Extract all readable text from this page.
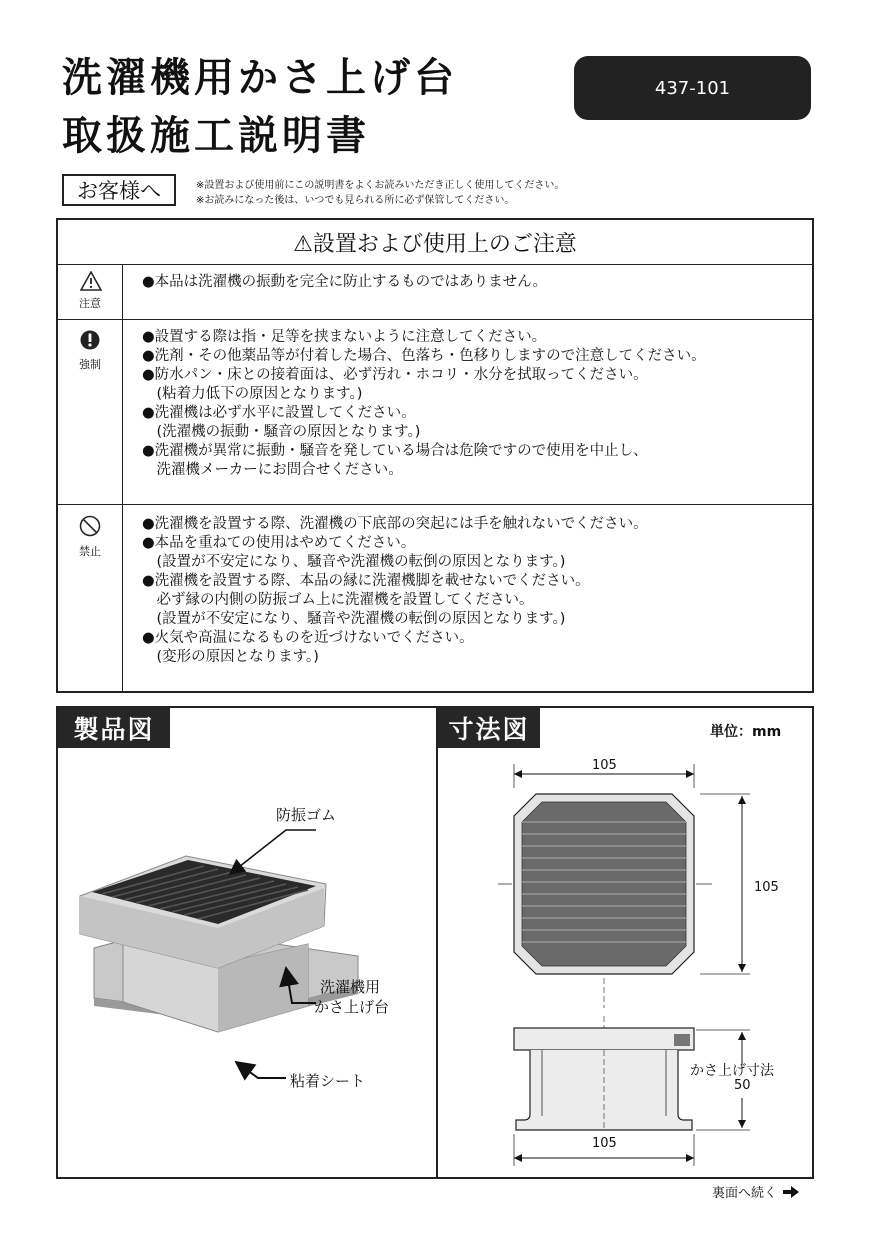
洗濯機用かさ上げ台
取扱施工説明書
437-101
お客様へ	※設置および使用前にこの説明書をよくお読みいただき正しく使用してください。
※お読みになった後は、いつでも見られる所に必ず保管してください。
⚠設置および使用上のご注意
注意
●本品は洗濯機の振動を完全に防止するものではありません。
強制
●設置する際は指・足等を挟まないように注意してください。
●洗剤・その他薬品等が付着した場合、色落ち・色移りしますので注意してください。
●防水パン・床との接着面は、必ず汚れ・ホコリ・水分を拭取ってください。
　(粘着力低下の原因となります。)
●洗濯機は必ず水平に設置してください。
　(洗濯機の振動・騒音の原因となります。)
●洗濯機が異常に振動・騒音を発している場合は危険ですので使用を中止し、
　洗濯機メーカーにお問合せください。
禁止
●洗濯機を設置する際、洗濯機の下底部の突起には手を触れないでください。
●本品を重ねての使用はやめてください。
　(設置が不安定になり、騒音や洗濯機の転倒の原因となります。)
●洗濯機を設置する際、本品の縁に洗濯機脚を載せないでください。
　必ず縁の内側の防振ゴム上に洗濯機を設置してください。
　(設置が不安定になり、騒音や洗濯機の転倒の原因となります。)
●火気や高温になるものを近づけないでください。
　(変形の原因となります。)
製品図	寸法図	単位：mm
防振ゴム
洗濯機用
かさ上げ台
粘着シート
105
105
かさ上げ寸法
50
105
裏面へ続く
